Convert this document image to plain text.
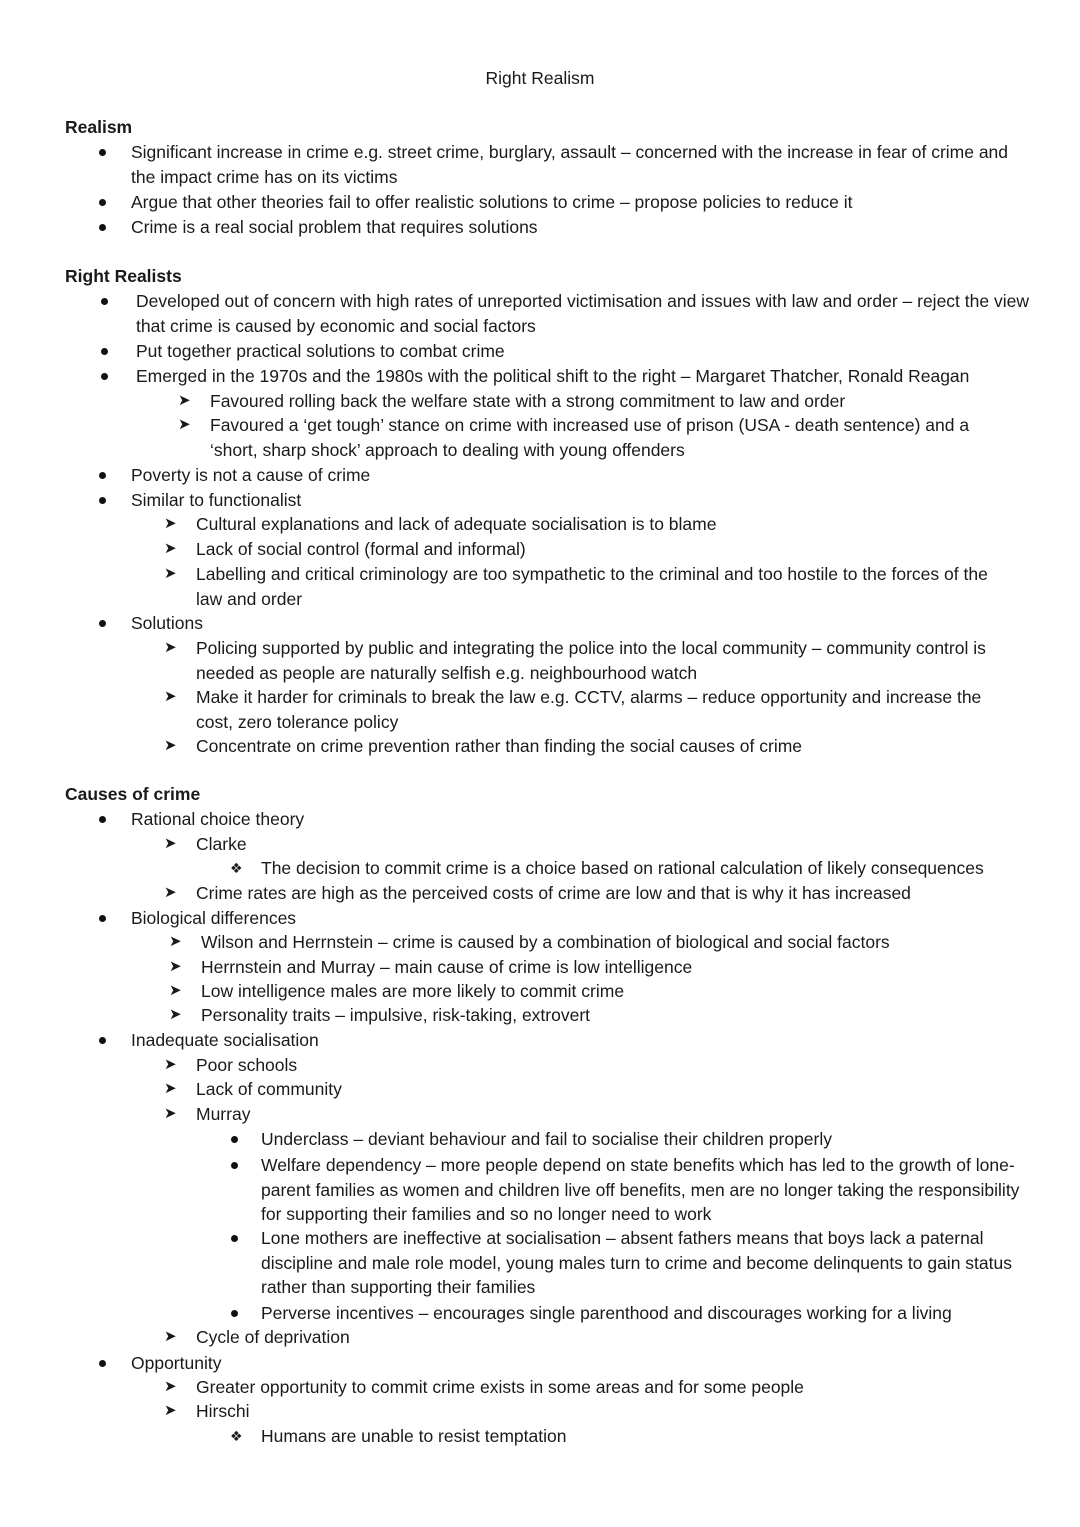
Right Realism
Realism
Significant increase in crime e.g. street crime, burglary, assault – concerned with the increase in fear of crime and the impact crime has on its victims
Argue that other theories fail to offer realistic solutions to crime – propose policies to reduce it
Crime is a real social problem that requires solutions
Right Realists
Developed out of concern with high rates of unreported victimisation and issues with law and order – reject the view that crime is caused by economic and social factors
Put together practical solutions to combat crime
Emerged in the 1970s and the 1980s with the political shift to the right – Margaret Thatcher, Ronald Reagan
➤ Favoured rolling back the welfare state with a strong commitment to law and order
➤ Favoured a ‘get tough’ stance on crime with increased use of prison (USA - death sentence) and a ‘short, sharp shock’ approach to dealing with young offenders
Poverty is not a cause of crime
Similar to functionalist
➤ Cultural explanations and lack of adequate socialisation is to blame
➤ Lack of social control (formal and informal)
➤ Labelling and critical criminology are too sympathetic to the criminal and too hostile to the forces of the law and order
Solutions
➤ Policing supported by public and integrating the police into the local community – community control is needed as people are naturally selfish e.g. neighbourhood watch
➤ Make it harder for criminals to break the law e.g. CCTV, alarms – reduce opportunity and increase the cost, zero tolerance policy
➤ Concentrate on crime prevention rather than finding the social causes of crime
Causes of crime
Rational choice theory
➤ Clarke
❖ The decision to commit crime is a choice based on rational calculation of likely consequences
➤ Crime rates are high as the perceived costs of crime are low and that is why it has increased
Biological differences
➤ Wilson and Herrnstein – crime is caused by a combination of biological and social factors
➤ Herrnstein and Murray – main cause of crime is low intelligence
➤ Low intelligence males are more likely to commit crime
➤ Personality traits – impulsive, risk-taking, extrovert
Inadequate socialisation
➤ Poor schools
➤ Lack of community
➤ Murray
Underclass – deviant behaviour and fail to socialise their children properly
Welfare dependency – more people depend on state benefits which has led to the growth of lone-parent families as women and children live off benefits, men are no longer taking the responsibility for supporting their families and so no longer need to work
Lone mothers are ineffective at socialisation – absent fathers means that boys lack a paternal discipline and male role model, young males turn to crime and become delinquents to gain status rather than supporting their families
Perverse incentives – encourages single parenthood and discourages working for a living
➤ Cycle of deprivation
Opportunity
➤ Greater opportunity to commit crime exists in some areas and for some people
➤ Hirschi
❖ Humans are unable to resist temptation
